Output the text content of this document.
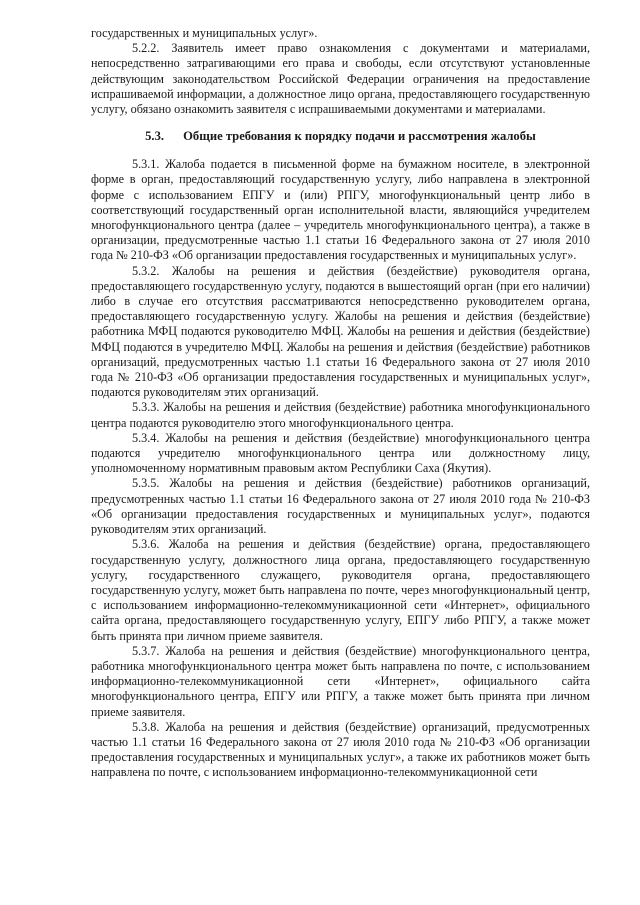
государственных и муниципальных услуг».

5.2.2. Заявитель имеет право ознакомления с документами и материалами, непосредственно затрагивающими его права и свободы, если отсутствуют установленные действующим законодательством Российской Федерации ограничения на предоставление испрашиваемой информации, а должностное лицо органа, предоставляющего государственную услугу, обязано ознакомить заявителя с испрашиваемыми документами и материалами.

5.3. Общие требования к порядку подачи и рассмотрения жалобы

5.3.1. Жалоба подается в письменной форме на бумажном носителе, в электронной форме в орган, предоставляющий государственную услугу, либо направлена в электронной форме с использованием ЕПГУ и (или) РПГУ, многофункциональный центр либо в соответствующий государственный орган исполнительной власти, являющийся учредителем многофункционального центра (далее – учредитель многофункционального центра), а также в организации, предусмотренные частью 1.1 статьи 16 Федерального закона от 27 июля 2010 года № 210-ФЗ «Об организации предоставления государственных и муниципальных услуг».

5.3.2. Жалобы на решения и действия (бездействие) руководителя органа, предоставляющего государственную услугу, подаются в вышестоящий орган (при его наличии) либо в случае его отсутствия рассматриваются непосредственно руководителем органа, предоставляющего государственную услугу. Жалобы на решения и действия (бездействие) работника МФЦ подаются руководителю МФЦ. Жалобы на решения и действия (бездействие) МФЦ подаются в учредителю МФЦ. Жалобы на решения и действия (бездействие) работников организаций, предусмотренных частью 1.1 статьи 16 Федерального закона от 27 июля 2010 года № 210-ФЗ «Об организации предоставления государственных и муниципальных услуг», подаются руководителям этих организаций.

5.3.3. Жалобы на решения и действия (бездействие) работника многофункционального центра подаются руководителю этого многофункционального центра.

5.3.4. Жалобы на решения и действия (бездействие) многофункционального центра подаются учредителю многофункционального центра или должностному лицу, уполномоченному нормативным правовым актом Республики Саха (Якутия).

5.3.5. Жалобы на решения и действия (бездействие) работников организаций, предусмотренных частью 1.1 статьи 16 Федерального закона от 27 июля 2010 года № 210-ФЗ «Об организации предоставления государственных и муниципальных услуг», подаются руководителям этих организаций.

5.3.6. Жалоба на решения и действия (бездействие) органа, предоставляющего государственную услугу, должностного лица органа, предоставляющего государственную услугу, государственного служащего, руководителя органа, предоставляющего государственную услугу, может быть направлена по почте, через многофункциональный центр, с использованием информационно-телекоммуникационной сети «Интернет», официального сайта органа, предоставляющего государственную услугу, ЕПГУ либо РПГУ, а также может быть принята при личном приеме заявителя.

5.3.7. Жалоба на решения и действия (бездействие) многофункционального центра, работника многофункционального центра может быть направлена по почте, с использованием информационно-телекоммуникационной сети «Интернет», официального сайта многофункционального центра, ЕПГУ или РПГУ, а также может быть принята при личном приеме заявителя.

5.3.8. Жалоба на решения и действия (бездействие) организаций, предусмотренных частью 1.1 статьи 16 Федерального закона от 27 июля 2010 года № 210-ФЗ «Об организации предоставления государственных и муниципальных услуг», а также их работников может быть направлена по почте, с использованием информационно-телекоммуникационной сети
